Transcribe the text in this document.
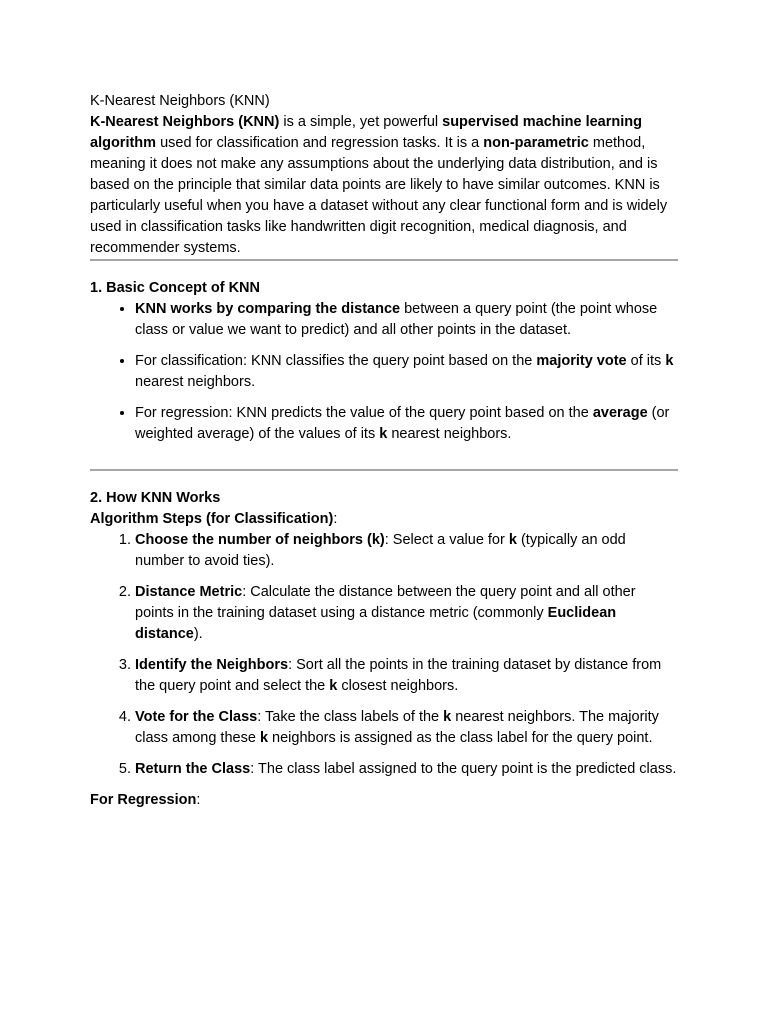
K-Nearest Neighbors (KNN)

K-Nearest Neighbors (KNN) is a simple, yet powerful supervised machine learning algorithm used for classification and regression tasks. It is a non-parametric method, meaning it does not make any assumptions about the underlying data distribution, and is based on the principle that similar data points are likely to have similar outcomes. KNN is particularly useful when you have a dataset without any clear functional form and is widely used in classification tasks like handwritten digit recognition, medical diagnosis, and recommender systems.

1. Basic Concept of KNN

• KNN works by comparing the distance between a query point (the point whose class or value we want to predict) and all other points in the dataset.
• For classification: KNN classifies the query point based on the majority vote of its k nearest neighbors.
• For regression: KNN predicts the value of the query point based on the average (or weighted average) of the values of its k nearest neighbors.

2. How KNN Works

Algorithm Steps (for Classification):

1. Choose the number of neighbors (k): Select a value for k (typically an odd number to avoid ties).
2. Distance Metric: Calculate the distance between the query point and all other points in the training dataset using a distance metric (commonly Euclidean distance).
3. Identify the Neighbors: Sort all the points in the training dataset by distance from the query point and select the k closest neighbors.
4. Vote for the Class: Take the class labels of the k nearest neighbors. The majority class among these k neighbors is assigned as the class label for the query point.
5. Return the Class: The class label assigned to the query point is the predicted class.

For Regression:
